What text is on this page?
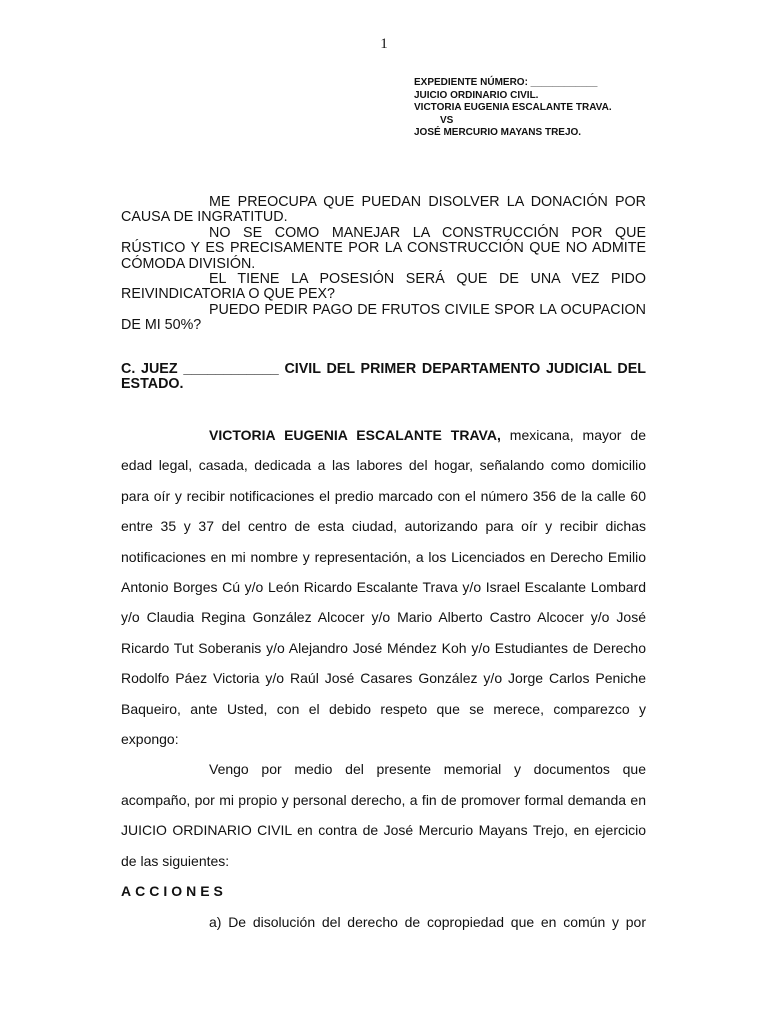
1
EXPEDIENTE NÚMERO: ____________
JUICIO ORDINARIO CIVIL.
VICTORIA EUGENIA ESCALANTE TRAVA.
VS
JOSÉ MERCURIO MAYANS TREJO.

ME PREOCUPA QUE PUEDAN DISOLVER LA DONACIÓN POR CAUSA DE INGRATITUD.

NO SE COMO MANEJAR LA CONSTRUCCIÓN POR QUE RÚSTICO Y ES PRECISAMENTE POR LA CONSTRUCCIÓN QUE NO ADMITE CÓMODA DIVISIÓN.

EL TIENE LA POSESIÓN SERÁ QUE DE UNA VEZ PIDO REIVINDICATORIA O QUE PEX?

PUEDO PEDIR PAGO DE FRUTOS CIVILE SPOR LA OCUPACION DE MI 50%?

C. JUEZ ____________ CIVIL DEL PRIMER DEPARTAMENTO JUDICIAL DEL ESTADO.

VICTORIA EUGENIA ESCALANTE TRAVA, mexicana, mayor de edad legal, casada, dedicada a las labores del hogar, señalando como domicilio para oír y recibir notificaciones el predio marcado con el número 356 de la calle 60 entre 35 y 37 del centro de esta ciudad, autorizando para oír y recibir dichas notificaciones en mi nombre y representación, a los Licenciados en Derecho Emilio Antonio Borges Cú y/o León Ricardo Escalante Trava y/o Israel Escalante Lombard y/o Claudia Regina González Alcocer y/o Mario Alberto Castro Alcocer y/o José Ricardo Tut Soberanis y/o Alejandro José Méndez Koh y/o Estudiantes de Derecho Rodolfo Páez Victoria y/o Raúl José Casares González y/o Jorge Carlos Peniche Baqueiro, ante Usted, con el debido respeto que se merece, comparezco y expongo:

Vengo por medio del presente memorial y documentos que acompaño, por mi propio y personal derecho, a fin de promover formal demanda en JUICIO ORDINARIO CIVIL en contra de José Mercurio Mayans Trejo, en ejercicio de las siguientes:

ACCIONES

a) De disolución del derecho de copropiedad que en común y por
